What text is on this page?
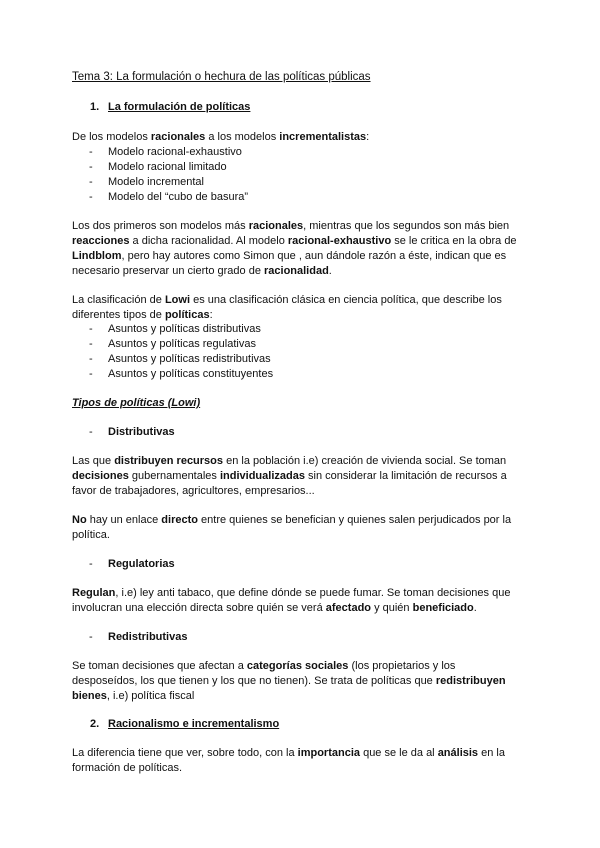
Tema 3: La formulación o hechura de las políticas públicas
1. La formulación de políticas
De los modelos racionales a los modelos incrementalistas:
- Modelo racional-exhaustivo
- Modelo racional limitado
- Modelo incremental
- Modelo del “cubo de basura”
Los dos primeros son modelos más racionales, mientras que los segundos son más bien
reacciones a dicha racionalidad. Al modelo racional-exhaustivo se le critica en la obra de
Lindblom, pero hay autores como Simon que , aun dándole razón a éste, indican que es
necesario preservar un cierto grado de racionalidad.
La clasificación de Lowi es una clasificación clásica en ciencia política, que describe los
diferentes tipos de políticas:
- Asuntos y políticas distributivas
- Asuntos y políticas regulativas
- Asuntos y políticas redistributivas
- Asuntos y políticas constituyentes
Tipos de políticas (Lowi)
- Distributivas
Las que distribuyen recursos en la población i.e) creación de vivienda social. Se toman
decisiones gubernamentales individualizadas sin considerar la limitación de recursos a
favor de trabajadores, agricultores, empresarios...
No hay un enlace directo entre quienes se benefician y quienes salen perjudicados por la
política.
- Regulatorias
Regulan, i.e) ley anti tabaco, que define dónde se puede fumar. Se toman decisiones que
involucran una elección directa sobre quién se verá afectado y quién beneficiado.
- Redistributivas
Se toman decisiones que afectan a categorías sociales (los propietarios y los
desposeídos, los que tienen y los que no tienen). Se trata de políticas que redistribuyen
bienes, i.e) política fiscal
2. Racionalismo e incrementalismo
La diferencia tiene que ver, sobre todo, con la importancia que se le da al análisis en la
formación de políticas.
